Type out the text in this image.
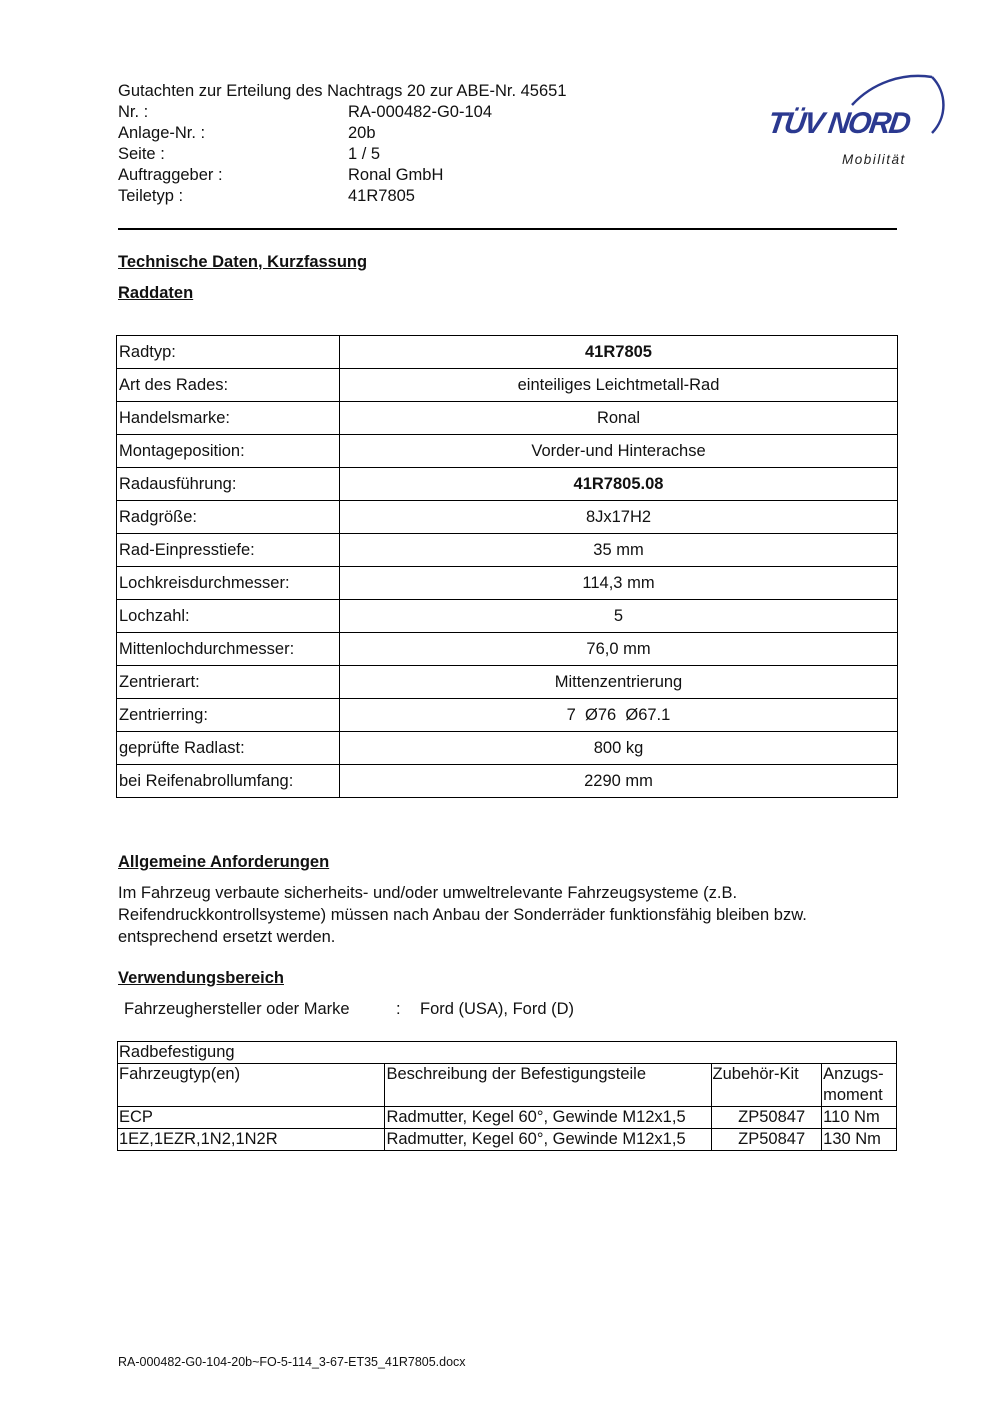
Gutachten zur Erteilung des Nachtrags 20 zur ABE-Nr. 45651
Nr. :	RA-000482-G0-104
Anlage-Nr. :	20b
Seite :	1 / 5
Auftraggeber :	Ronal GmbH
Teiletyp :	41R7805
TÜV NORD
Mobilität
Technische Daten, Kurzfassung
Raddaten
Radtyp:	41R7805
Art des Rades:	einteiliges Leichtmetall-Rad
Handelsmarke:	Ronal
Montageposition:	Vorder-und Hinterachse
Radausführung:	41R7805.08
Radgröße:	8Jx17H2
Rad-Einpresstiefe:	35 mm
Lochkreisdurchmesser:	114,3 mm
Lochzahl:	5
Mittenlochdurchmesser:	76,0 mm
Zentrierart:	Mittenzentrierung
Zentrierring:	7  Ø76  Ø67.1
geprüfte Radlast:	800 kg
bei Reifenabrollumfang:	2290 mm
Allgemeine Anforderungen
Im Fahrzeug verbaute sicherheits- und/oder umweltrelevante Fahrzeugsysteme (z.B. Reifendruckkontrollsysteme) müssen nach Anbau der Sonderräder funktionsfähig bleiben bzw. entsprechend ersetzt werden.
Verwendungsbereich
Fahrzeughersteller oder Marke	:	Ford (USA), Ford (D)
Radbefestigung			
Fahrzeugtyp(en)	Beschreibung der Befestigungsteile	Zubehör-Kit	Anzugs-moment
ECP	Radmutter, Kegel 60°, Gewinde M12x1,5	ZP50847	110 Nm
1EZ,1EZR,1N2,1N2R	Radmutter, Kegel 60°, Gewinde M12x1,5	ZP50847	130 Nm
RA-000482-G0-104-20b~FO-5-114_3-67-ET35_41R7805.docx
